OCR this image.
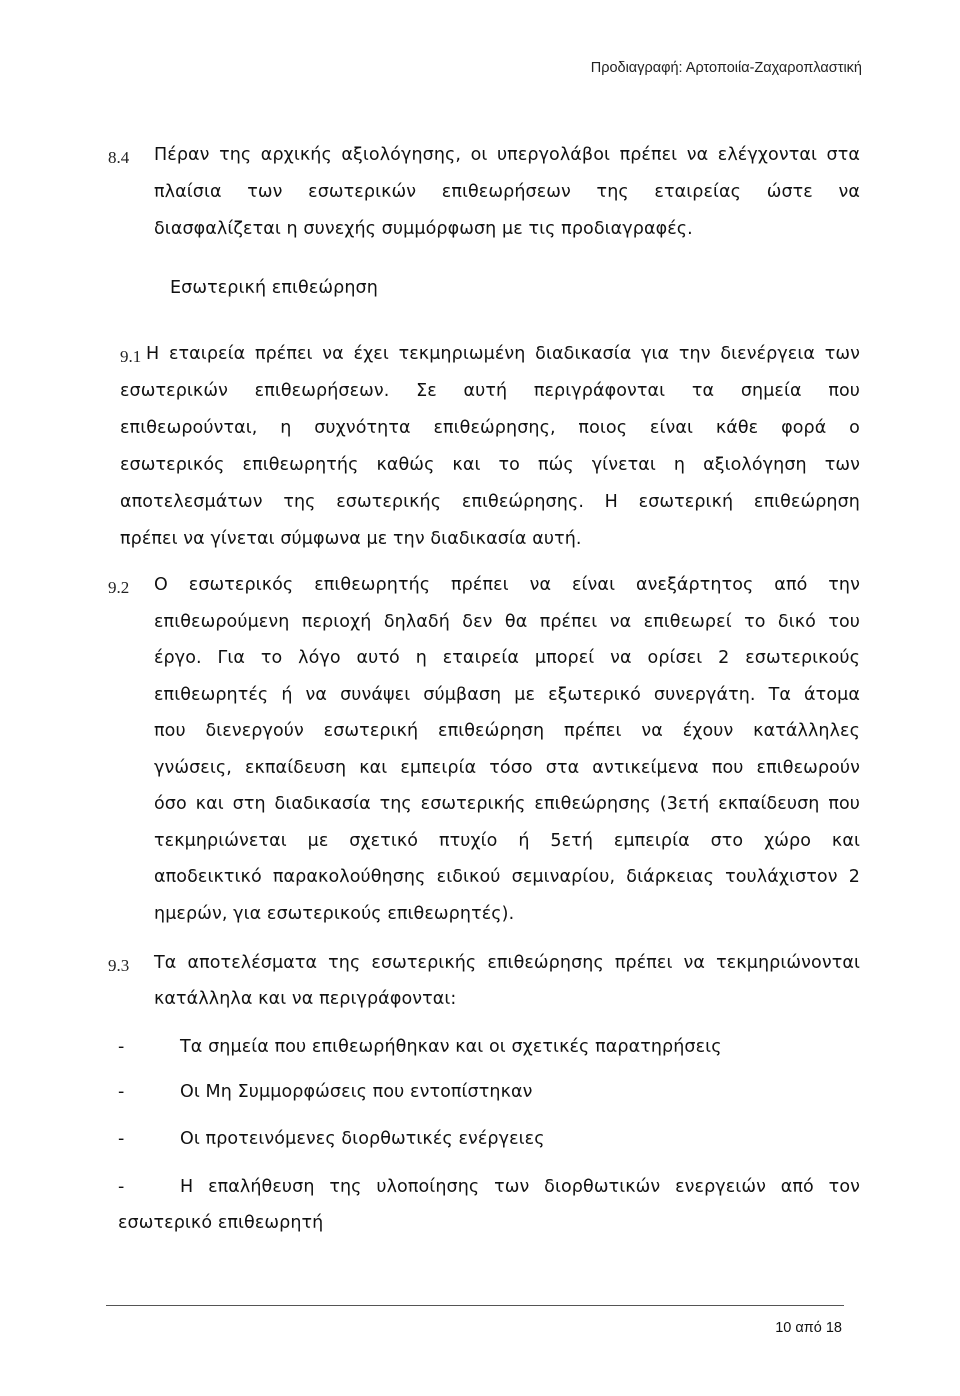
Προδιαγραφή: Αρτοποιία-Ζαχαροπλαστική
8.4 Πέραν της αρχικής αξιολόγησης, οι υπεργολάβοι πρέπει να ελέγχονται στα
πλαίσια των εσωτερικών επιθεωρήσεων της εταιρείας ώστε να
διασφαλίζεται η συνεχής συμμόρφωση με τις προδιαγραφές.
Εσωτερική επιθεώρηση
9.1 Η εταιρεία πρέπει να έχει τεκμηριωμένη διαδικασία για την διενέργεια των
εσωτερικών επιθεωρήσεων. Σε αυτή περιγράφονται τα σημεία που
επιθεωρούνται, η συχνότητα επιθεώρησης, ποιος είναι κάθε φορά ο
εσωτερικός επιθεωρητής καθώς και το πώς γίνεται η αξιολόγηση των
αποτελεσμάτων της εσωτερικής επιθεώρησης. Η εσωτερική επιθεώρηση
πρέπει να γίνεται σύμφωνα με την διαδικασία αυτή.
9.2 Ο εσωτερικός επιθεωρητής πρέπει να είναι ανεξάρτητος από την
επιθεωρούμενη περιοχή δηλαδή δεν θα πρέπει να επιθεωρεί το δικό του
έργο. Για το λόγο αυτό η εταιρεία μπορεί να ορίσει 2 εσωτερικούς
επιθεωρητές ή να συνάψει σύμβαση με εξωτερικό συνεργάτη. Τα άτομα
που διενεργούν εσωτερική επιθεώρηση πρέπει να έχουν κατάλληλες
γνώσεις, εκπαίδευση και εμπειρία τόσο στα αντικείμενα που επιθεωρούν
όσο και στη διαδικασία της εσωτερικής επιθεώρησης (3ετή εκπαίδευση που
τεκμηριώνεται με σχετικό πτυχίο ή 5ετή εμπειρία στο χώρο και
αποδεικτικό παρακολούθησης ειδικού σεμιναρίου, διάρκειας τουλάχιστον 2
ημερών, για εσωτερικούς επιθεωρητές).
9.3 Τα αποτελέσματα της εσωτερικής επιθεώρησης πρέπει να τεκμηριώνονται
κατάλληλα και να περιγράφονται:
-	Τα σημεία που επιθεωρήθηκαν και οι σχετικές παρατηρήσεις
-	Οι Μη Συμμορφώσεις που εντοπίστηκαν
-	Οι προτεινόμενες διορθωτικές ενέργειες
-	Η επαλήθευση της υλοποίησης των διορθωτικών ενεργειών από τον
εσωτερικό επιθεωρητή
10 από 18
